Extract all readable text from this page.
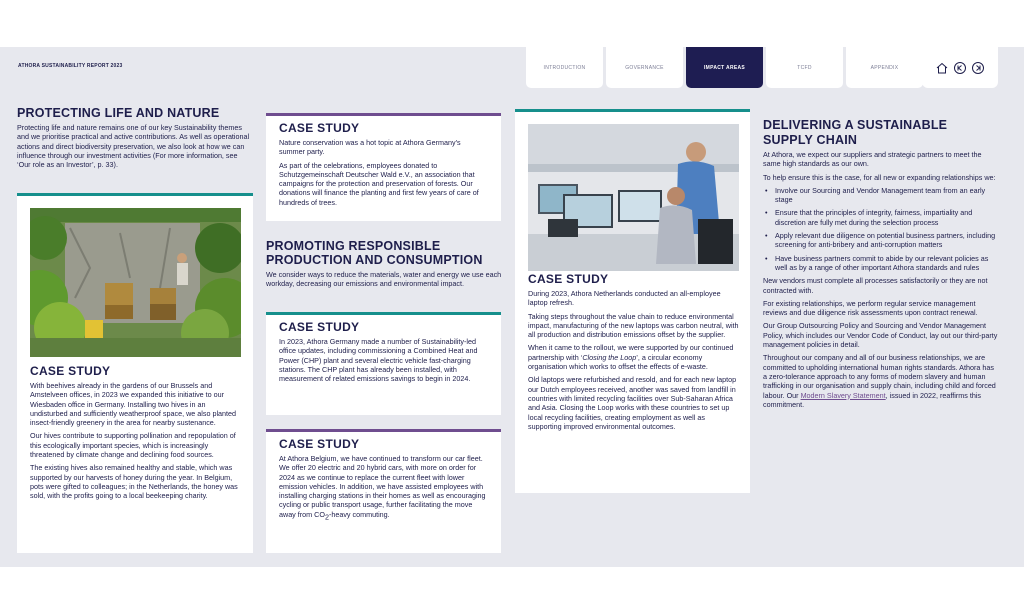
ATHORA SUSTAINABILITY REPORT 2023	INTRODUCTION	GOVERNANCE	IMPACT AREAS	TCFD	APPENDIX
PROTECTING LIFE AND NATURE
Protecting life and nature remains one of our key Sustainability themes and we prioritise practical and active contributions. As well as operational actions and direct biodiversity preservation, we also look at how we can influence through our investment activities (For more information, see ‘Our role as an Investor’, p. 33).
CASE STUDY
With beehives already in the gardens of our Brussels and Amstelveen offices, in 2023 we expanded this initiative to our Wiesbaden office in Germany. Installing two hives in an undisturbed and sufficiently weatherproof space, we also planted insect-friendly greenery in the area for nearby sustenance.
Our hives contribute to supporting pollination and repopulation of this ecologically important species, which is increasingly threatened by climate change and declining food sources.
The existing hives also remained healthy and stable, which was supported by our harvests of honey during the year. In Belgium, pots were gifted to colleagues; in the Netherlands, the honey was sold, with the profits going to a local beekeeping charity.
CASE STUDY
Nature conservation was a hot topic at Athora Germany’s summer party.
As part of the celebrations, employees donated to Schutzgemeinschaft Deutscher Wald e.V., an association that campaigns for the protection and preservation of forests. Our donations will finance the planting and first few years of care of hundreds of trees.
PROMOTING RESPONSIBLE PRODUCTION AND CONSUMPTION
We consider ways to reduce the materials, water and energy we use each workday, decreasing our emissions and environmental impact.
CASE STUDY
In 2023, Athora Germany made a number of Sustainability-led office updates, including commissioning a Combined Heat and Power (CHP) plant and several electric vehicle fast-charging stations. The CHP plant has already been installed, with measurement of related emissions savings to begin in 2024.
CASE STUDY
At Athora Belgium, we have continued to transform our car fleet. We offer 20 electric and 20 hybrid cars, with more on order for 2024 as we continue to replace the current fleet with lower emission vehicles. In addition, we have assisted employees with installing charging stations in their homes as well as encouraging cycling or public transport usage, further facilitating the move away from $CO_2$-heavy commuting.
CASE STUDY
During 2023, Athora Netherlands conducted an all-employee laptop refresh.
Taking steps throughout the value chain to reduce environmental impact, manufacturing of the new laptops was carbon neutral, with all production and distribution emissions offset by the supplier.
When it came to the rollout, we were supported by our continued partnership with ‘Closing the Loop’, a circular economy organisation which works to offset the effects of e-waste.
Old laptops were refurbished and resold, and for each new laptop our Dutch employees received, another was saved from landfill in countries with limited recycling facilities over Sub-Saharan Africa and Asia. Closing the Loop works with these countries to set up local recycling facilities, creating employment as well as supporting improved environmental outcomes.
DELIVERING A SUSTAINABLE SUPPLY CHAIN
At Athora, we expect our suppliers and strategic partners to meet the same high standards as our own.
To help ensure this is the case, for all new or expanding relationships we:
• Involve our Sourcing and Vendor Management team from an early stage
• Ensure that the principles of integrity, fairness, impartiality and discretion are fully met during the selection process
• Apply relevant due diligence on potential business partners, including screening for anti-bribery and anti-corruption matters
• Have business partners commit to abide by our relevant policies as well as by a range of other important Athora standards and rules
New vendors must complete all processes satisfactorily or they are not contracted with.
For existing relationships, we perform regular service management reviews and due diligence risk assessments upon contract renewal.
Our Group Outsourcing Policy and Sourcing and Vendor Management Policy, which includes our Vendor Code of Conduct, lay out our third-party management policies in detail.
Throughout our company and all of our business relationships, we are committed to upholding international human rights standards. Athora has a zero-tolerance approach to any forms of modern slavery and human trafficking in our organisation and supply chain, including child and forced labour. Our Modern Slavery Statement, issued in 2022, reaffirms this commitment.
